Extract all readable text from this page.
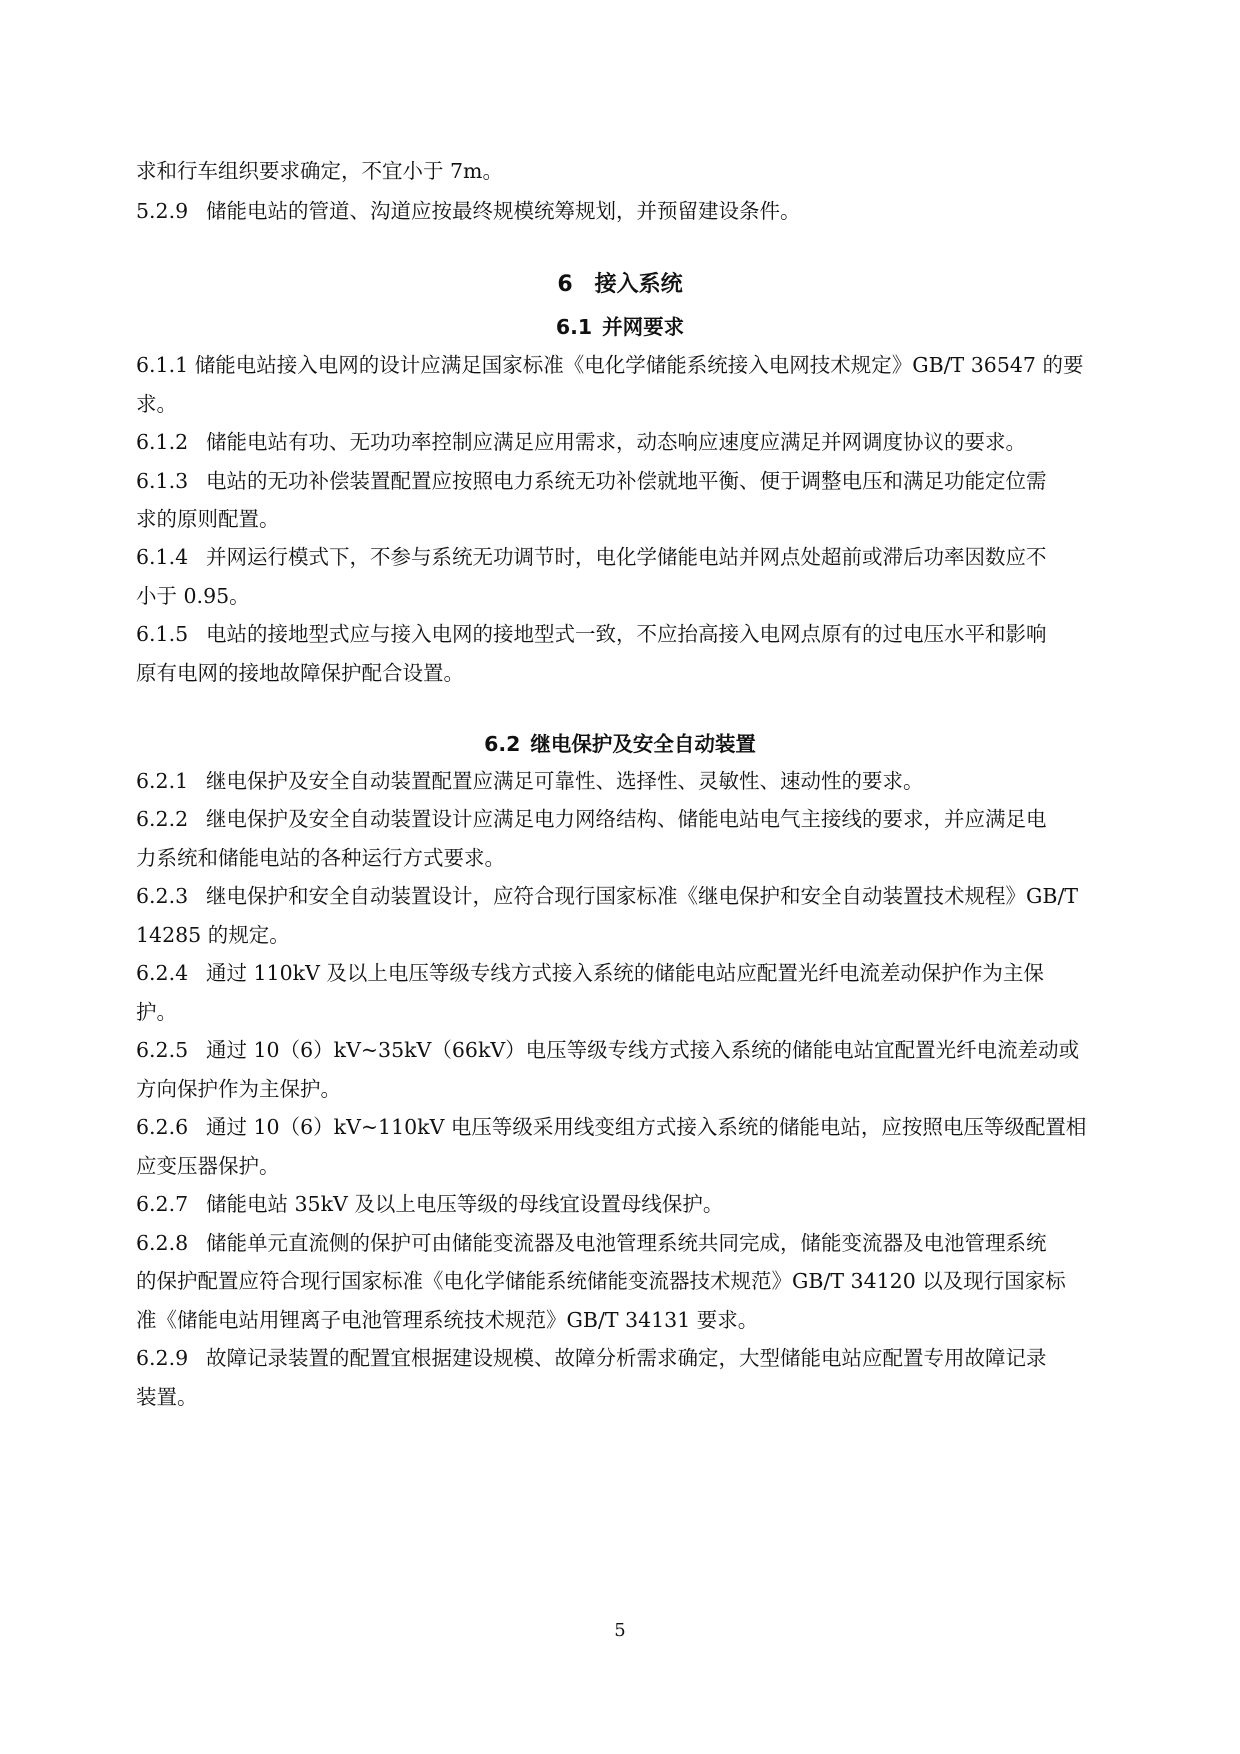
求和行车组织要求确定，不宜小于 7m。

5.2.9 储能电站的管道、沟道应按最终规模统筹规划，并预留建设条件。

6 接入系统
6.1 并网要求

6.1.1 储能电站接入电网的设计应满足国家标准《电化学储能系统接入电网技术规定》GB/T 36547 的要

求。

6.1.2 储能电站有功、无功功率控制应满足应用需求，动态响应速度应满足并网调度协议的要求。

6.1.3 电站的无功补偿装置配置应按照电力系统无功补偿就地平衡、便于调整电压和满足功能定位需

求的原则配置。

6.1.4 并网运行模式下，不参与系统无功调节时，电化学储能电站并网点处超前或滞后功率因数应不

小于 0.95。

6.1.5 电站的接地型式应与接入电网的接地型式一致，不应抬高接入电网点原有的过电压水平和影响

原有电网的接地故障保护配合设置。

6.2 继电保护及安全自动装置

6.2.1 继电保护及安全自动装置配置应满足可靠性、选择性、灵敏性、速动性的要求。

6.2.2 继电保护及安全自动装置设计应满足电力网络结构、储能电站电气主接线的要求，并应满足电

力系统和储能电站的各种运行方式要求。

6.2.3 继电保护和安全自动装置设计，应符合现行国家标准《继电保护和安全自动装置技术规程》GB/T

14285 的规定。

6.2.4 通过 110kV 及以上电压等级专线方式接入系统的储能电站应配置光纤电流差动保护作为主保

护。

6.2.5 通过 10（6）kV~35kV（66kV）电压等级专线方式接入系统的储能电站宜配置光纤电流差动或

方向保护作为主保护。

6.2.6 通过 10（6）kV~110kV 电压等级采用线变组方式接入系统的储能电站，应按照电压等级配置相

应变压器保护。

6.2.7 储能电站 35kV 及以上电压等级的母线宜设置母线保护。

6.2.8 储能单元直流侧的保护可由储能变流器及电池管理系统共同完成，储能变流器及电池管理系统

的保护配置应符合现行国家标准《电化学储能系统储能变流器技术规范》GB/T 34120 以及现行国家标

准《储能电站用锂离子电池管理系统技术规范》GB/T 34131 要求。

6.2.9 故障记录装置的配置宜根据建设规模、故障分析需求确定，大型储能电站应配置专用故障记录

装置。

5
